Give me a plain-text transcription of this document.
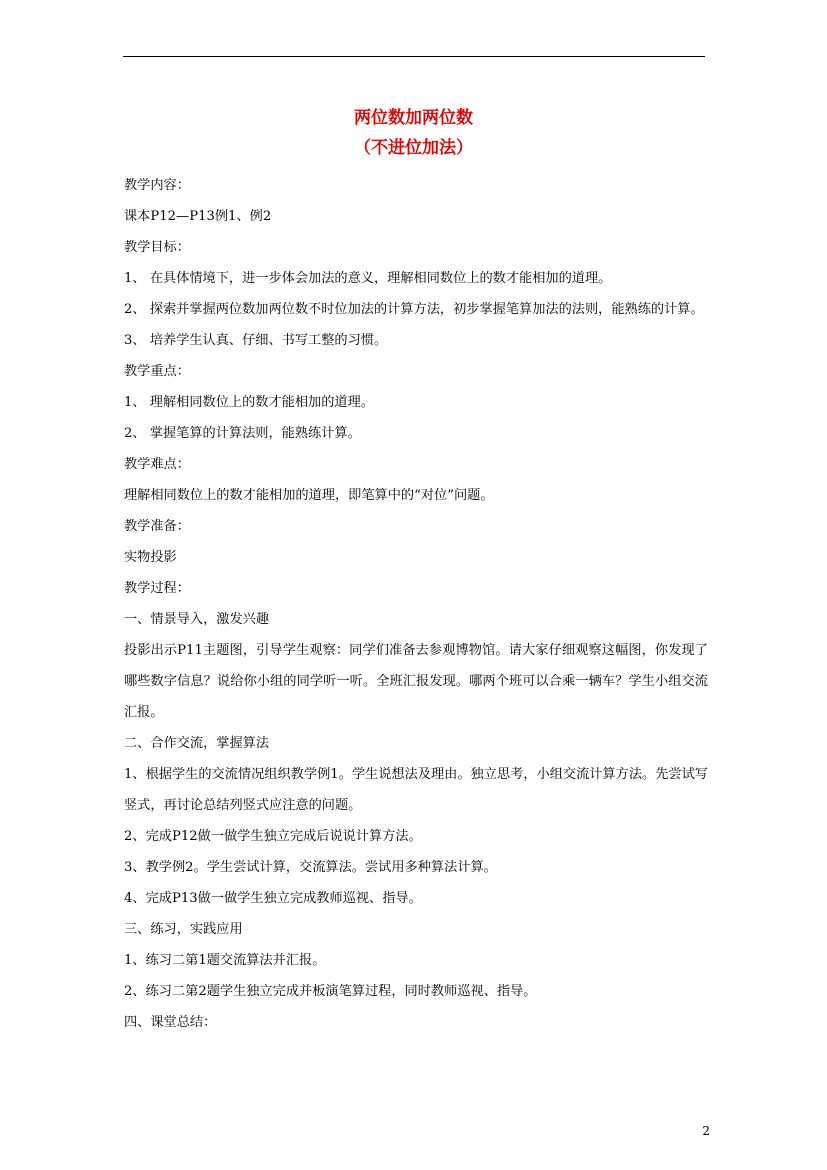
两位数加两位数
（不进位加法）

教学内容：

课本P12—P13例1、例2

教学目标：

1、 在具体情境下，进一步体会加法的意义，理解相同数位上的数才能相加的道理。

2、 探索并掌握两位数加两位数不时位加法的计算方法，初步掌握笔算加法的法则，能熟练的计算。

3、 培养学生认真、仔细、书写工整的习惯。

教学重点：

1、 理解相同数位上的数才能相加的道理。

2、 掌握笔算的计算法则，能熟练计算。

教学难点：

理解相同数位上的数才能相加的道理，即笔算中的“对位”问题。

教学准备：

实物投影

教学过程：

一、情景导入，激发兴趣

投影出示P11主题图，引导学生观察：同学们准备去参观博物馆。请大家仔细观察这幅图，你发现了哪些数字信息？说给你小组的同学听一听。全班汇报发现。哪两个班可以合乘一辆车？学生小组交流汇报。

二、合作交流，掌握算法

1、根据学生的交流情况组织教学例1。学生说想法及理由。独立思考，小组交流计算方法。先尝试写竖式，再讨论总结列竖式应注意的问题。

2、完成P12做一做学生独立完成后说说计算方法。

3、教学例2。学生尝试计算，交流算法。尝试用多种算法计算。

4、完成P13做一做学生独立完成教师巡视、指导。

三、练习，实践应用

1、练习二第1题交流算法并汇报。

2、练习二第2题学生独立完成并板演笔算过程，同时教师巡视、指导。

四、课堂总结：

2
